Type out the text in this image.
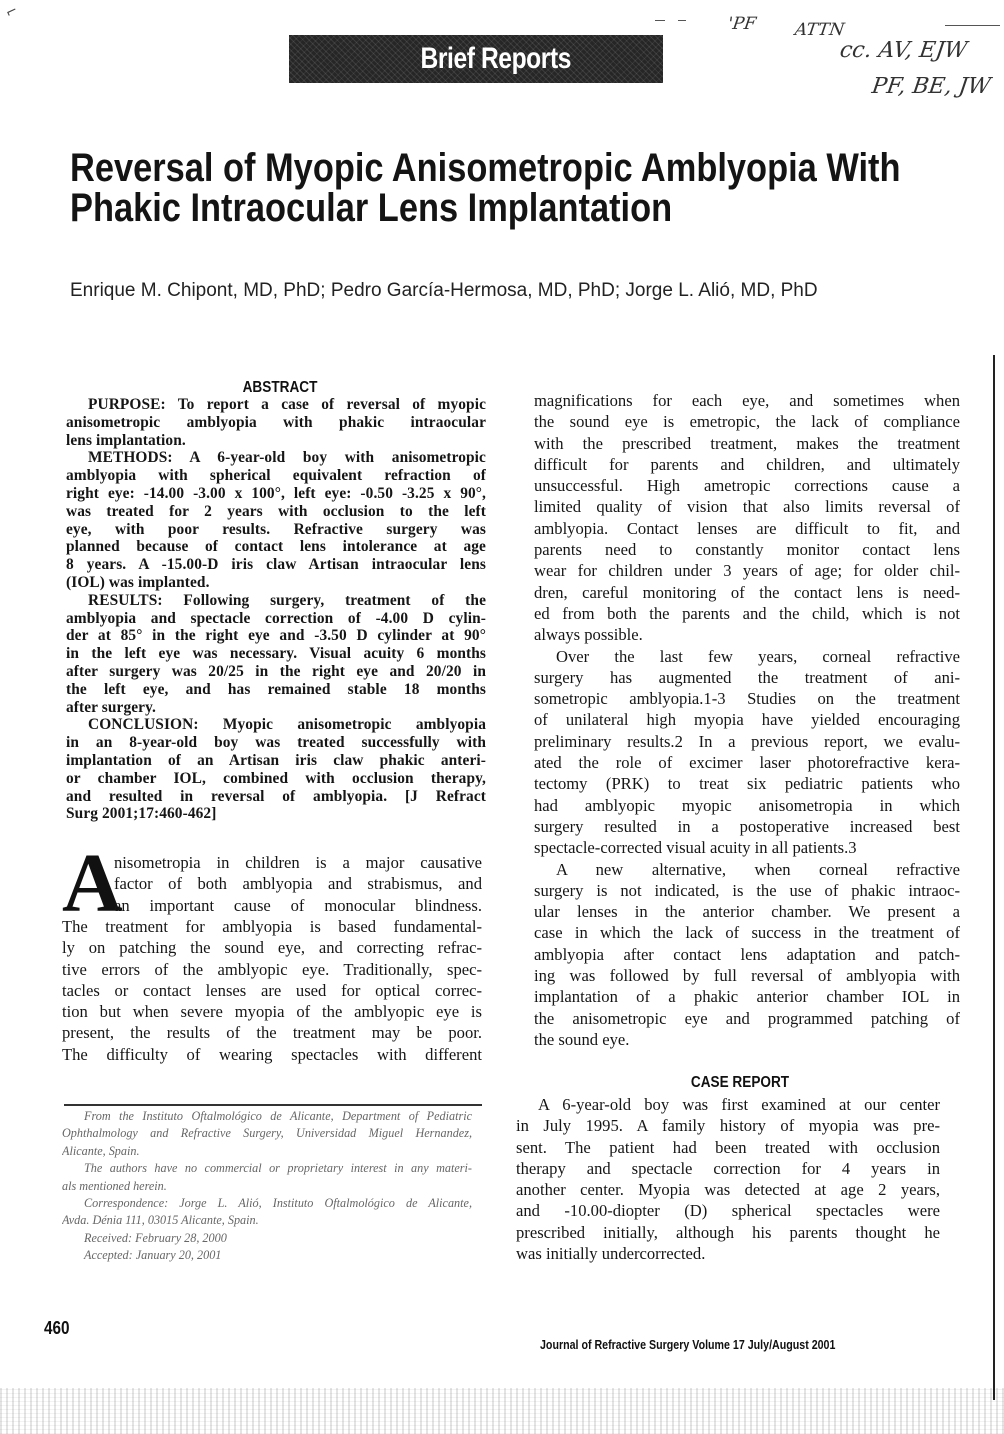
⌐
Brief Reports
'PF ATTN
cc. AV, EJW
PF, BE, JW
Reversal of Myopic Anisometropic Amblyopia With
Phakic Intraocular Lens Implantation
Enrique M. Chipont, MD, PhD; Pedro García-Hermosa, MD, PhD; Jorge L. Alió, MD, PhD
ABSTRACT
PURPOSE: To report a case of reversal of myopic
anisometropic amblyopia with phakic intraocular
lens implantation.
METHODS: A 6-year-old boy with anisometropic
amblyopia with spherical equivalent refraction of
right eye: -14.00 -3.00 x 100°, left eye: -0.50 -3.25 x 90°,
was treated for 2 years with occlusion to the left
eye, with poor results. Refractive surgery was
planned because of contact lens intolerance at age
8 years. A -15.00-D iris claw Artisan intraocular lens
(IOL) was implanted.
RESULTS: Following surgery, treatment of the
amblyopia and spectacle correction of -4.00 D cylin-
der at 85° in the right eye and -3.50 D cylinder at 90°
in the left eye was necessary. Visual acuity 6 months
after surgery was 20/25 in the right eye and 20/20 in
the left eye, and has remained stable 18 months
after surgery.
CONCLUSION: Myopic anisometropic amblyopia
in an 8-year-old boy was treated successfully with
implantation of an Artisan iris claw phakic anteri-
or chamber IOL, combined with occlusion therapy,
and resulted in reversal of amblyopia. [J Refract
Surg 2001;17:460-462]
A
nisometropia in children is a major causative
factor of both amblyopia and strabismus, and
an important cause of monocular blindness.
The treatment for amblyopia is based fundamental-
ly on patching the sound eye, and correcting refrac-
tive errors of the amblyopic eye. Traditionally, spec-
tacles or contact lenses are used for optical correc-
tion but when severe myopia of the amblyopic eye is
present, the results of the treatment may be poor.
The difficulty of wearing spectacles with different
From the Instituto Oftalmológico de Alicante, Department of Pediatric
Ophthalmology and Refractive Surgery, Universidad Miguel Hernandez,
Alicante, Spain.
The authors have no commercial or proprietary interest in any materi-
als mentioned herein.
Correspondence: Jorge L. Alió, Instituto Oftalmológico de Alicante,
Avda. Dénia 111, 03015 Alicante, Spain.
Received: February 28, 2000
Accepted: January 20, 2001
magnifications for each eye, and sometimes when
the sound eye is emetropic, the lack of compliance
with the prescribed treatment, makes the treatment
difficult for parents and children, and ultimately
unsuccessful. High ametropic corrections cause a
limited quality of vision that also limits reversal of
amblyopia. Contact lenses are difficult to fit, and
parents need to constantly monitor contact lens
wear for children under 3 years of age; for older chil-
dren, careful monitoring of the contact lens is need-
ed from both the parents and the child, which is not
always possible.
Over the last few years, corneal refractive
surgery has augmented the treatment of ani-
sometropic amblyopia.1-3 Studies on the treatment
of unilateral high myopia have yielded encouraging
preliminary results.2 In a previous report, we evalu-
ated the role of excimer laser photorefractive kera-
tectomy (PRK) to treat six pediatric patients who
had amblyopic myopic anisometropia in which
surgery resulted in a postoperative increased best
spectacle-corrected visual acuity in all patients.3
A new alternative, when corneal refractive
surgery is not indicated, is the use of phakic intraoc-
ular lenses in the anterior chamber. We present a
case in which the lack of success in the treatment of
amblyopia after contact lens adaptation and patch-
ing was followed by full reversal of amblyopia with
implantation of a phakic anterior chamber IOL in
the anisometropic eye and programmed patching of
the sound eye.
CASE REPORT
A 6-year-old boy was first examined at our center
in July 1995. A family history of myopia was pre-
sent. The patient had been treated with occlusion
therapy and spectacle correction for 4 years in
another center. Myopia was detected at age 2 years,
and -10.00-diopter (D) spherical spectacles were
prescribed initially, although his parents thought he
was initially undercorrected.
460
Journal of Refractive Surgery Volume 17 July/August 2001
